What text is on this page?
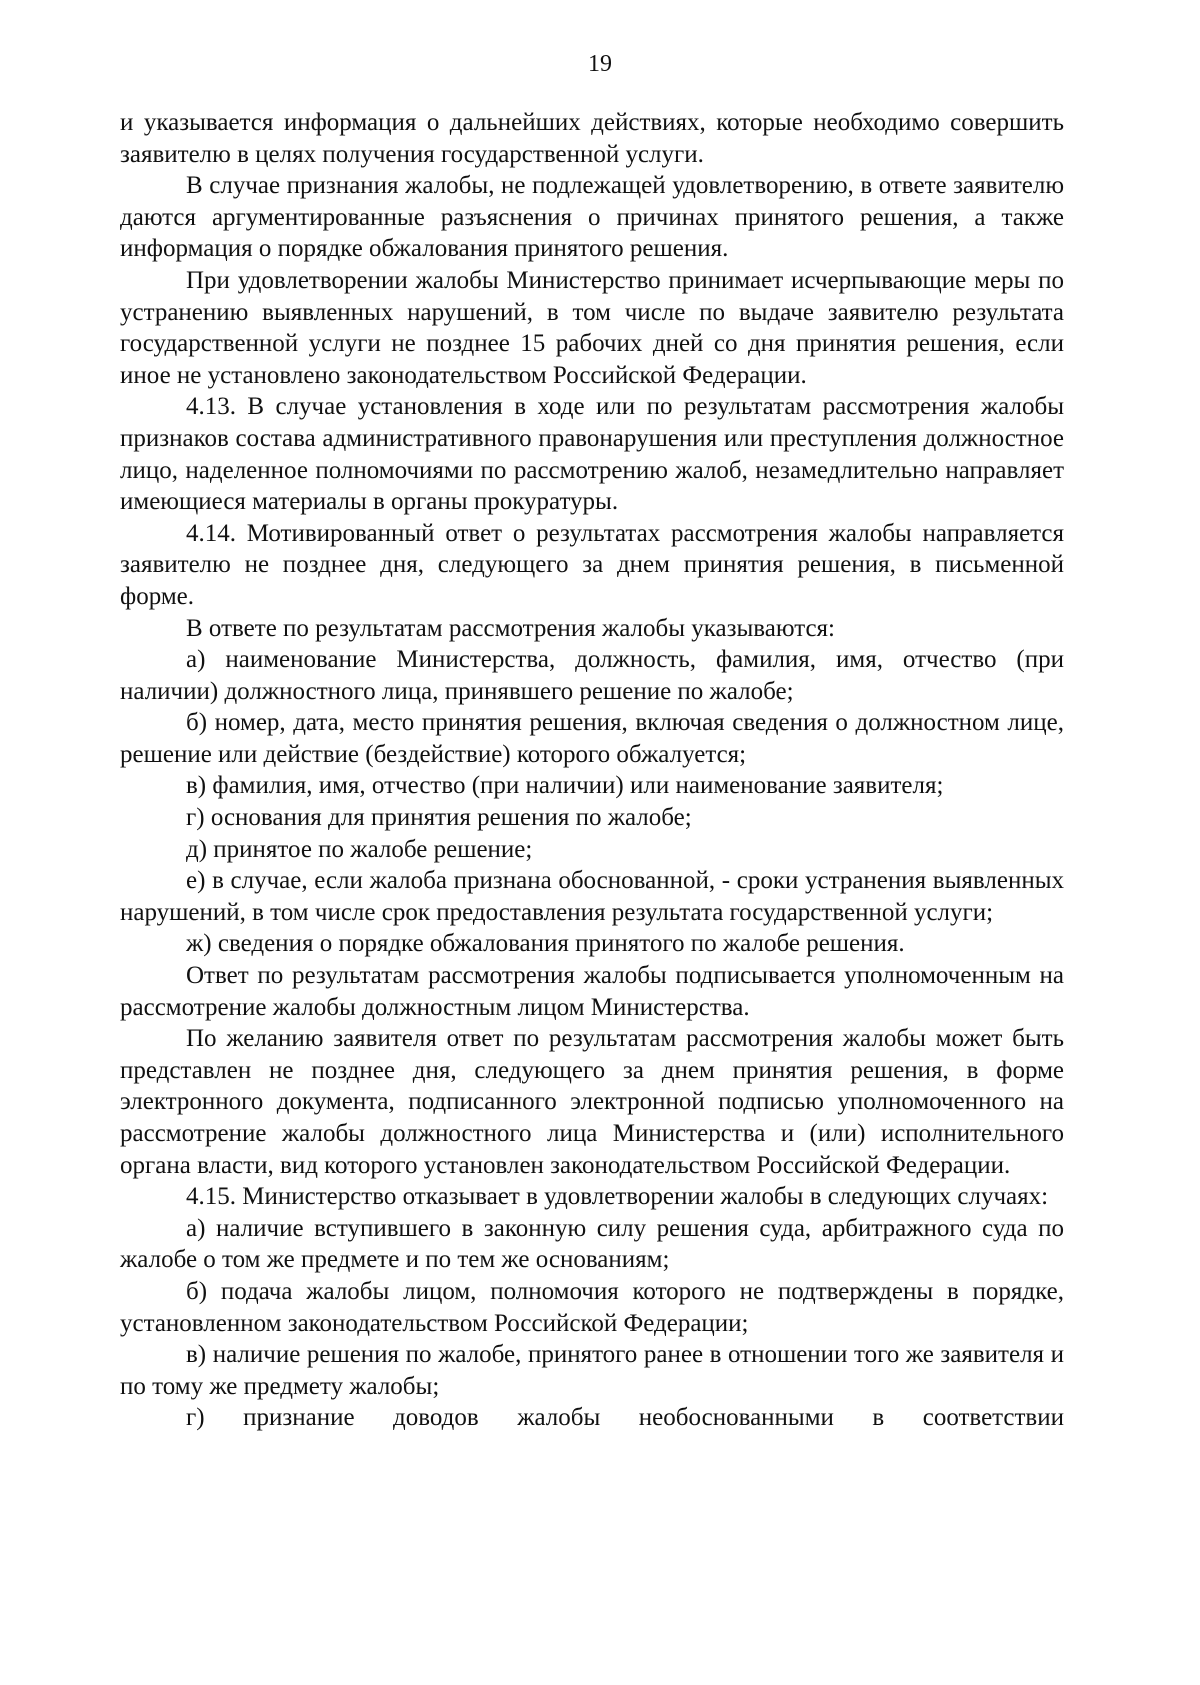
19

и указывается информация о дальнейших действиях, которые необходимо совершить заявителю в целях получения государственной услуги.

В случае признания жалобы, не подлежащей удовлетворению, в ответе заявителю даются аргументированные разъяснения о причинах принятого решения, а также информация о порядке обжалования принятого решения.

При удовлетворении жалобы Министерство принимает исчерпывающие меры по устранению выявленных нарушений, в том числе по выдаче заявителю результата государственной услуги не позднее 15 рабочих дней со дня принятия решения, если иное не установлено законодательством Российской Федерации.

4.13. В случае установления в ходе или по результатам рассмотрения жалобы признаков состава административного правонарушения или преступления должностное лицо, наделенное полномочиями по рассмотрению жалоб, незамедлительно направляет имеющиеся материалы в органы прокуратуры.

4.14. Мотивированный ответ о результатах рассмотрения жалобы направляется заявителю не позднее дня, следующего за днем принятия решения, в письменной форме.

В ответе по результатам рассмотрения жалобы указываются:

а) наименование Министерства, должность, фамилия, имя, отчество (при наличии) должностного лица, принявшего решение по жалобе;

б) номер, дата, место принятия решения, включая сведения о должностном лице, решение или действие (бездействие) которого обжалуется;

в) фамилия, имя, отчество (при наличии) или наименование заявителя;

г) основания для принятия решения по жалобе;

д) принятое по жалобе решение;

е) в случае, если жалоба признана обоснованной, - сроки устранения выявленных нарушений, в том числе срок предоставления результата государственной услуги;

ж) сведения о порядке обжалования принятого по жалобе решения.

Ответ по результатам рассмотрения жалобы подписывается уполномоченным на рассмотрение жалобы должностным лицом Министерства.

По желанию заявителя ответ по результатам рассмотрения жалобы может быть представлен не позднее дня, следующего за днем принятия решения, в форме электронного документа, подписанного электронной подписью уполномоченного на рассмотрение жалобы должностного лица Министерства и (или) исполнительного органа власти, вид которого установлен законодательством Российской Федерации.

4.15. Министерство отказывает в удовлетворении жалобы в следующих случаях:

а) наличие вступившего в законную силу решения суда, арбитражного суда по жалобе о том же предмете и по тем же основаниям;

б) подача жалобы лицом, полномочия которого не подтверждены в порядке, установленном законодательством Российской Федерации;

в) наличие решения по жалобе, принятого ранее в отношении того же заявителя и по тому же предмету жалобы;

г) признание доводов жалобы необоснованными в соответствии
